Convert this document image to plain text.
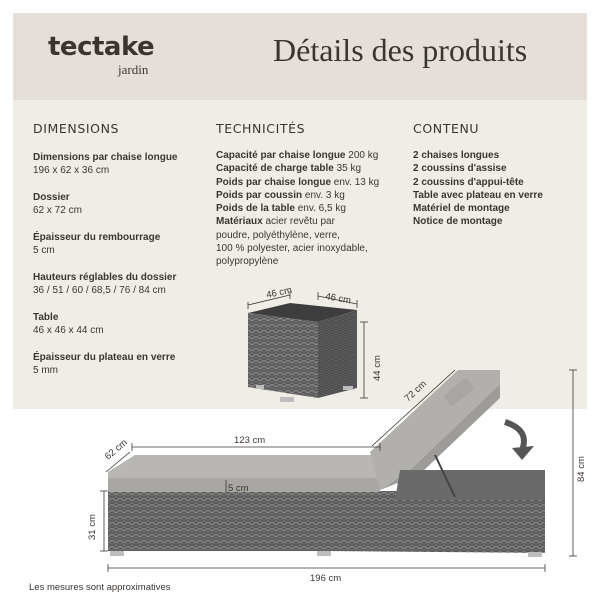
tectake
jardin
Détails des produits
DIMENSIONS	TECHNICITÉS	CONTENU
Dimensions par chaise longue
196 x 62 x 36 cm
Dossier
62 x 72 cm
Épaisseur du rembourrage
5 cm
Hauteurs réglables du dossier
36 / 51 / 60 / 68,5 / 76 / 84 cm
Table
46 x 46 x 44 cm
Épaisseur du plateau en verre
5 mm
Capacité par chaise longue 200 kg
Capacité de charge table 35 kg
Poids par chaise longue env. 13 kg
Poids par coussin env. 3 kg
Poids de la table env. 6,5 kg
Matériaux acier revêtu par
poudre, polyéthylène, verre,
100 % polyester, acier inoxydable,
polypropylène
2 chaises longues
2 coussins d'assise
2 coussins d'appui-tête
Table avec plateau en verre
Matériel de montage
Notice de montage
46 cm	46 cm
44 cm
123 cm
62 cm
72 cm
5 cm
31 cm
84 cm
196 cm
Les mesures sont approximatives
